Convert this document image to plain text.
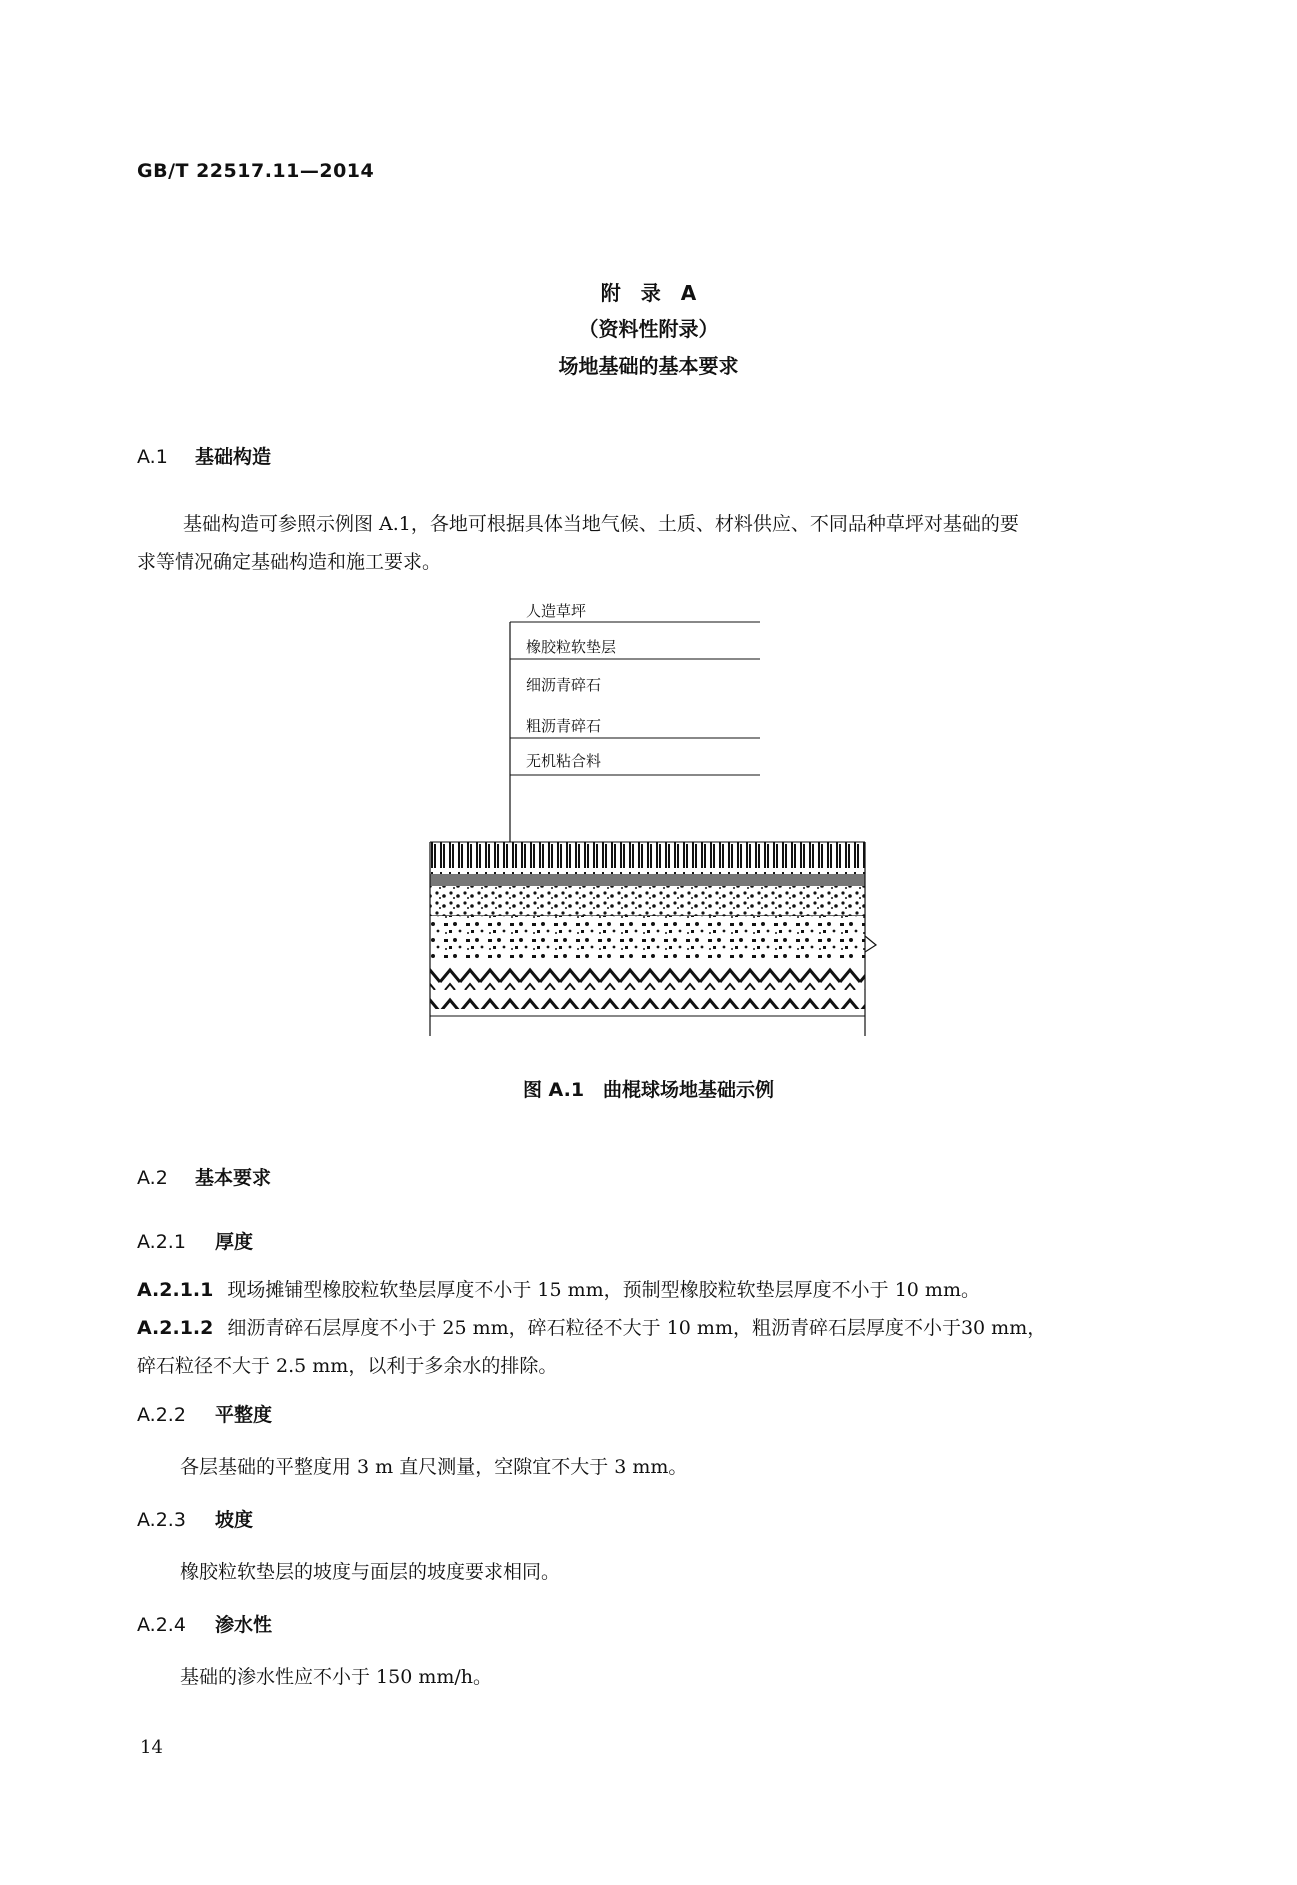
GB/T 22517.11—2014
附　录　A
（资料性附录）
场地基础的基本要求
A.1 基础构造
基础构造可参照示例图 A.1，各地可根据具体当地气候、土质、材料供应、不同品种草坪对基础的要
求等情况确定基础构造和施工要求。
人造草坪
橡胶粒软垫层
细沥青碎石
粗沥青碎石
无机粘合料
图 A.1　曲棍球场地基础示例
A.2 基本要求
A.2.1 厚度
A.2.1.1 现场摊铺型橡胶粒软垫层厚度不小于 15 mm，预制型橡胶粒软垫层厚度不小于 10 mm。
A.2.1.2 细沥青碎石层厚度不小于 25 mm，碎石粒径不大于 10 mm，粗沥青碎石层厚度不小于30 mm，
碎石粒径不大于 2.5 mm，以利于多余水的排除。
A.2.2 平整度
各层基础的平整度用 3 m 直尺测量，空隙宜不大于 3 mm。
A.2.3 坡度
橡胶粒软垫层的坡度与面层的坡度要求相同。
A.2.4 渗水性
基础的渗水性应不小于 150 mm/h。
14
